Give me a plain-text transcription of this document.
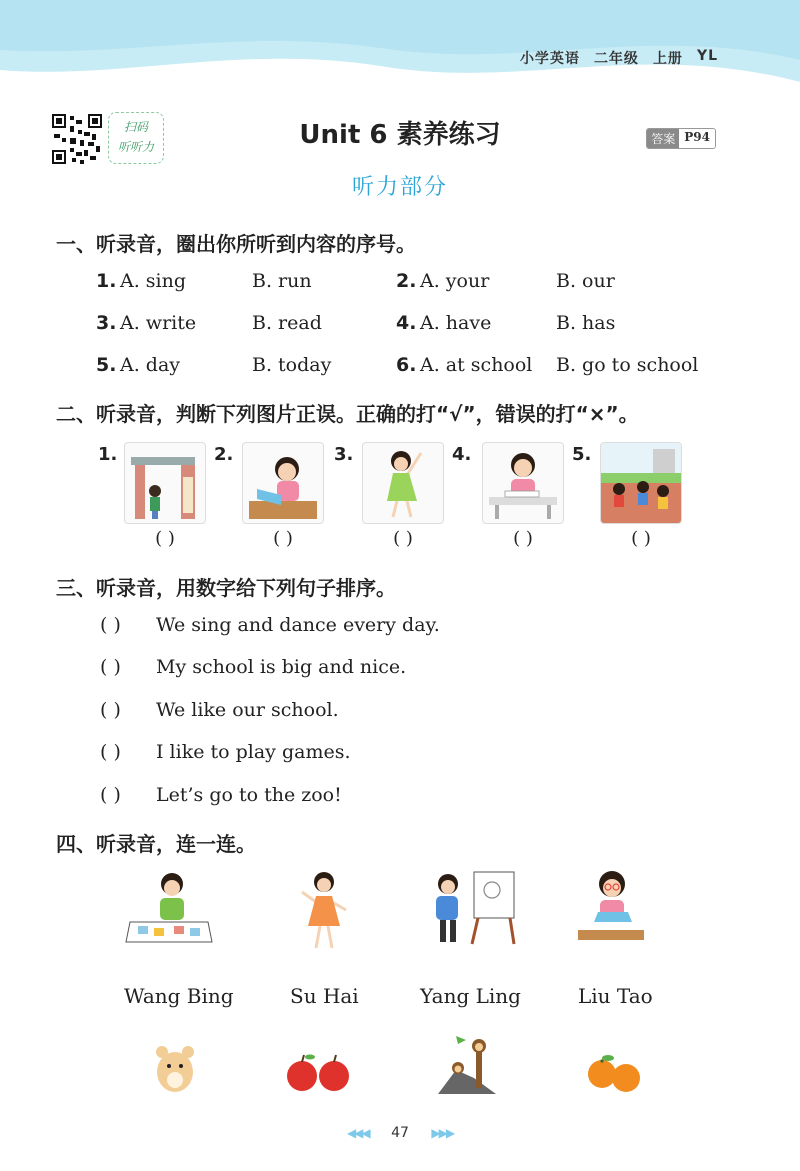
小学英语 二年级 上册 YL
扫码
听听力	Unit 6 素养练习	答案 P94
听力部分
一、听录音，圈出你所听到内容的序号。
1. A. sing	B. run	2. A. your	B. our
3. A. write	B. read	4. A. have	B. has
5. A. day	B. today	6. A. at school B. go to school
二、听录音，判断下列图片正误。正确的打“√”，错误的打“×”。
1.	2.	3.	4.	5.
( )	( )	( )	( )	( )
三、听录音，用数字给下列句子排序。
( ) We sing and dance every day.
( ) My school is big and nice.
( ) We like our school.
( ) I like to play games.
( ) Let’s go to the zoo!
四、听录音，连一连。
Wang Bing	Su Hai	Yang Ling	Liu Tao
◀◀◀ 47 ▶▶▶
